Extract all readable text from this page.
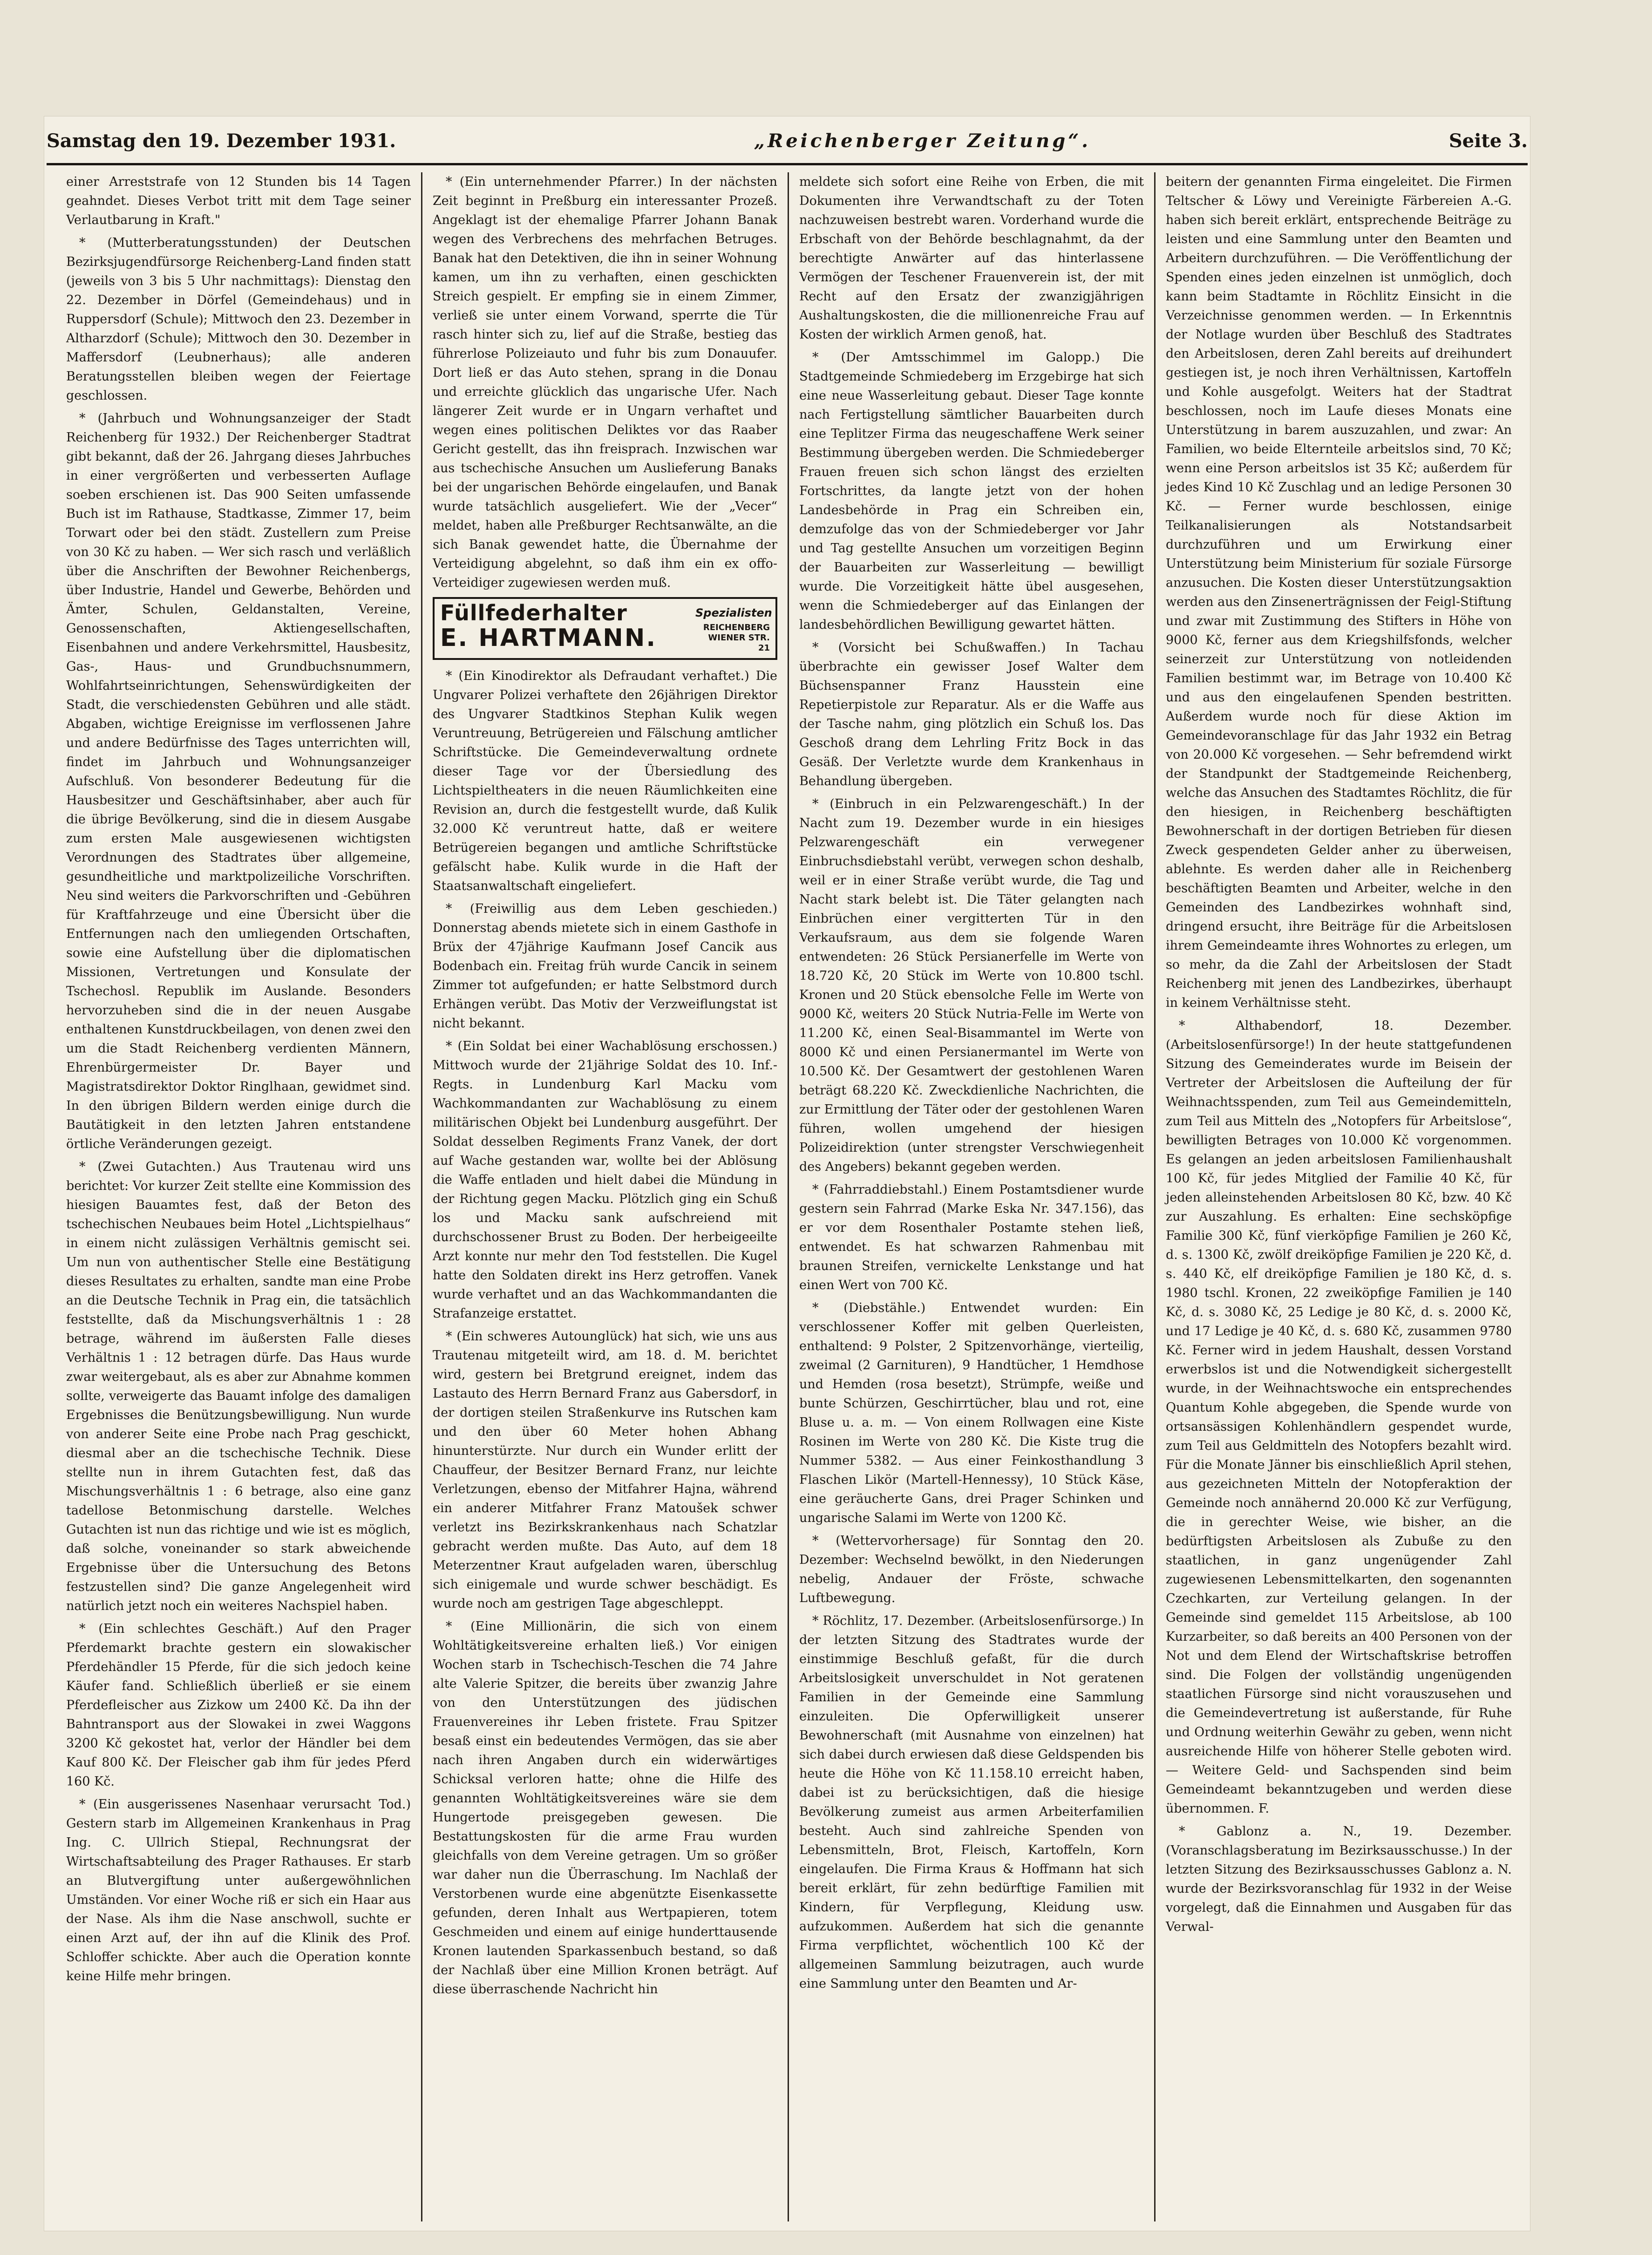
Samstag den 19. Dezember 1931.	„Reichenberger Zeitung“.	Seite 3.

einer Arreststrafe von 12 Stunden bis 14 Tagen geahndet. Dieses Verbot tritt mit dem Tage seiner Verlautbarung in Kraft."

* (Mutterberatungsstunden) der Deutschen Bezirksjugendfürsorge Reichenberg-Land finden statt (jeweils von 3 bis 5 Uhr nachmittags): Dienstag den 22. Dezember in Dörfel (Gemeindehaus) und in Ruppersdorf (Schule); Mittwoch den 23. Dezember in Altharzdorf (Schule); Mittwoch den 30. Dezember in Maffersdorf (Leubnerhaus); alle anderen Beratungsstellen bleiben wegen der Feiertage geschlossen.

* (Jahrbuch und Wohnungsanzeiger der Stadt Reichenberg für 1932.) Der Reichenberger Stadtrat gibt bekannt, daß der 26. Jahrgang dieses Jahrbuches in einer vergrößerten und verbesserten Auflage soeben erschienen ist. Das 900 Seiten umfassende Buch ist im Rathause, Stadtkasse, Zimmer 17, beim Torwart oder bei den städt. Zustellern zum Preise von 30 Kč zu haben. — Wer sich rasch und verläßlich über die Anschriften der Bewohner Reichenbergs, über Industrie, Handel und Gewerbe, Behörden und Ämter, Schulen, Geldanstalten, Vereine, Genossenschaften, Aktiengesellschaften, Eisenbahnen und andere Verkehrsmittel, Hausbesitz, Gas-, Haus- und Grundbuchsnummern, Wohlfahrtseinrichtungen, Sehenswürdigkeiten der Stadt, die verschiedensten Gebühren und alle städt. Abgaben, wichtige Ereignisse im verflossenen Jahre und andere Bedürfnisse des Tages unterrichten will, findet im Jahrbuch und Wohnungsanzeiger Aufschluß. Von besonderer Bedeutung für die Hausbesitzer und Geschäftsinhaber, aber auch für die übrige Bevölkerung, sind die in diesem Ausgabe zum ersten Male ausgewiesenen wichtigsten Verordnungen des Stadtrates über allgemeine, gesundheitliche und marktpolizeiliche Vorschriften. Neu sind weiters die Parkvorschriften und -Gebühren für Kraftfahrzeuge und eine Übersicht über die Entfernungen nach den umliegenden Ortschaften, sowie eine Aufstellung über die diplomatischen Missionen, Vertretungen und Konsulate der Tschechosl. Republik im Auslande. Besonders hervorzuheben sind die in der neuen Ausgabe enthaltenen Kunstdruckbeilagen, von denen zwei den um die Stadt Reichenberg verdienten Männern, Ehrenbürgermeister Dr. Bayer und Magistratsdirektor Doktor Ringlhaan, gewidmet sind. In den übrigen Bildern werden einige durch die Bautätigkeit in den letzten Jahren entstandene örtliche Veränderungen gezeigt.

* (Zwei Gutachten.) Aus Trautenau wird uns berichtet: Vor kurzer Zeit stellte eine Kommission des hiesigen Bauamtes fest, daß der Beton des tschechischen Neubaues beim Hotel „Lichtspielhaus“ in einem nicht zulässigen Verhältnis gemischt sei. Um nun von authentischer Stelle eine Bestätigung dieses Resultates zu erhalten, sandte man eine Probe an die Deutsche Technik in Prag ein, die tatsächlich feststellte, daß da Mischungsverhältnis 1 : 28 betrage, während im äußersten Falle dieses Verhältnis 1 : 12 betragen dürfe. Das Haus wurde zwar weitergebaut, als es aber zur Abnahme kommen sollte, verweigerte das Bauamt infolge des damaligen Ergebnisses die Benützungsbewilligung. Nun wurde von anderer Seite eine Probe nach Prag geschickt, diesmal aber an die tschechische Technik. Diese stellte nun in ihrem Gutachten fest, daß das Mischungsverhältnis 1 : 6 betrage, also eine ganz tadellose Betonmischung darstelle. Welches Gutachten ist nun das richtige und wie ist es möglich, daß solche, voneinander so stark abweichende Ergebnisse über die Untersuchung des Betons festzustellen sind? Die ganze Angelegenheit wird natürlich jetzt noch ein weiteres Nachspiel haben.

* (Ein schlechtes Geschäft.) Auf den Prager Pferdemarkt brachte gestern ein slowakischer Pferdehändler 15 Pferde, für die sich jedoch keine Käufer fand. Schließlich überließ er sie einem Pferdefleischer aus Zizkow um 2400 Kč. Da ihn der Bahntransport aus der Slowakei in zwei Waggons 3200 Kč gekostet hat, verlor der Händler bei dem Kauf 800 Kč. Der Fleischer gab ihm für jedes Pferd 160 Kč.

* (Ein ausgerissenes Nasenhaar verursacht Tod.) Gestern starb im Allgemeinen Krankenhaus in Prag Ing. C. Ullrich Stiepal, Rechnungsrat der Wirtschaftsabteilung des Prager Rathauses. Er starb an Blutvergiftung unter außergewöhnlichen Umständen. Vor einer Woche riß er sich ein Haar aus der Nase. Als ihm die Nase anschwoll, suchte er einen Arzt auf, der ihn auf die Klinik des Prof. Schloffer schickte. Aber auch die Operation konnte keine Hilfe mehr bringen.

* (Ein unternehmender Pfarrer.) In der nächsten Zeit beginnt in Preßburg ein interessanter Prozeß. Angeklagt ist der ehemalige Pfarrer Johann Banak wegen des Verbrechens des mehrfachen Betruges. Banak hat den Detektiven, die ihn in seiner Wohnung kamen, um ihn zu verhaften, einen geschickten Streich gespielt. Er empfing sie in einem Zimmer, verließ sie unter einem Vorwand, sperrte die Tür rasch hinter sich zu, lief auf die Straße, bestieg das führerlose Polizeiauto und fuhr bis zum Donauufer. Dort ließ er das Auto stehen, sprang in die Donau und erreichte glücklich das ungarische Ufer. Nach längerer Zeit wurde er in Ungarn verhaftet und wegen eines politischen Deliktes vor das Raaber Gericht gestellt, das ihn freisprach. Inzwischen war aus tschechische Ansuchen um Auslieferung Banaks bei der ungarischen Behörde eingelaufen, und Banak wurde tatsächlich ausgeliefert. Wie der „Vecer“ meldet, haben alle Preßburger Rechtsanwälte, an die sich Banak gewendet hatte, die Übernahme der Verteidigung abgelehnt, so daß ihm ein ex offo-Verteidiger zugewiesen werden muß.

Füllfederhalter	Spezialisten
E. HARTMANN.	REICHENBERG WIENER STR. 21

* (Ein Kinodirektor als Defraudant verhaftet.) Die Ungvarer Polizei verhaftete den 26jährigen Direktor des Ungvarer Stadtkinos Stephan Kulik wegen Veruntreuung, Betrügereien und Fälschung amtlicher Schriftstücke. Die Gemeindeverwaltung ordnete dieser Tage vor der Übersiedlung des Lichtspieltheaters in die neuen Räumlichkeiten eine Revision an, durch die festgestellt wurde, daß Kulik 32.000 Kč veruntreut hatte, daß er weitere Betrügereien begangen und amtliche Schriftstücke gefälscht habe. Kulik wurde in die Haft der Staatsanwaltschaft eingeliefert.

* (Freiwillig aus dem Leben geschieden.) Donnerstag abends mietete sich in einem Gasthofe in Brüx der 47jährige Kaufmann Josef Cancik aus Bodenbach ein. Freitag früh wurde Cancik in seinem Zimmer tot aufgefunden; er hatte Selbstmord durch Erhängen verübt. Das Motiv der Verzweiflungstat ist nicht bekannt.

* (Ein Soldat bei einer Wachablösung erschossen.) Mittwoch wurde der 21jährige Soldat des 10. Inf.-Regts. in Lundenburg Karl Macku vom Wachkommandanten zur Wachablösung zu einem militärischen Objekt bei Lundenburg ausgeführt. Der Soldat desselben Regiments Franz Vanek, der dort auf Wache gestanden war, wollte bei der Ablösung die Waffe entladen und hielt dabei die Mündung in der Richtung gegen Macku. Plötzlich ging ein Schuß los und Macku sank aufschreiend mit durchschossener Brust zu Boden. Der herbeigeeilte Arzt konnte nur mehr den Tod feststellen. Die Kugel hatte den Soldaten direkt ins Herz getroffen. Vanek wurde verhaftet und an das Wachkommandanten die Strafanzeige erstattet.

* (Ein schweres Autounglück) hat sich, wie uns aus Trautenau mitgeteilt wird, am 18. d. M. berichtet wird, gestern bei Bretgrund ereignet, indem das Lastauto des Herrn Bernard Franz aus Gabersdorf, in der dortigen steilen Straßenkurve ins Rutschen kam und den über 60 Meter hohen Abhang hinunterstürzte. Nur durch ein Wunder erlitt der Chauffeur, der Besitzer Bernard Franz, nur leichte Verletzungen, ebenso der Mitfahrer Hajna, während ein anderer Mitfahrer Franz Matoušek schwer verletzt ins Bezirkskrankenhaus nach Schatzlar gebracht werden mußte. Das Auto, auf dem 18 Meterzentner Kraut aufgeladen waren, überschlug sich einigemale und wurde schwer beschädigt. Es wurde noch am gestrigen Tage abgeschleppt.

* (Eine Millionärin, die sich von einem Wohltätigkeitsvereine erhalten ließ.) Vor einigen Wochen starb in Tschechisch-Teschen die 74 Jahre alte Valerie Spitzer, die bereits über zwanzig Jahre von den Unterstützungen des jüdischen Frauenvereines ihr Leben fristete. Frau Spitzer besaß einst ein bedeutendes Vermögen, das sie aber nach ihren Angaben durch ein widerwärtiges Schicksal verloren hatte; ohne die Hilfe des genannten Wohltätigkeitsvereines wäre sie dem Hungertode preisgegeben gewesen. Die Bestattungskosten für die arme Frau wurden gleichfalls von dem Vereine getragen. Um so größer war daher nun die Überraschung. Im Nachlaß der Verstorbenen wurde eine abgenützte Eisenkassette gefunden, deren Inhalt aus Wertpapieren, totem Geschmeiden und einem auf einige hunderttausende Kronen lautenden Sparkassenbuch bestand, so daß der Nachlaß über eine Million Kronen beträgt. Auf diese überraschende Nachricht hin

meldete sich sofort eine Reihe von Erben, die mit Dokumenten ihre Verwandtschaft zu der Toten nachzuweisen bestrebt waren. Vorderhand wurde die Erbschaft von der Behörde beschlagnahmt, da der berechtigte Anwärter auf das hinterlassene Vermögen der Teschener Frauenverein ist, der mit Recht auf den Ersatz der zwanzigjährigen Aushaltungskosten, die die millionenreiche Frau auf Kosten der wirklich Armen genoß, hat.

* (Der Amtsschimmel im Galopp.) Die Stadtgemeinde Schmiedeberg im Erzgebirge hat sich eine neue Wasserleitung gebaut. Dieser Tage konnte nach Fertigstellung sämtlicher Bauarbeiten durch eine Teplitzer Firma das neugeschaffene Werk seiner Bestimmung übergeben werden. Die Schmiedeberger Frauen freuen sich schon längst des erzielten Fortschrittes, da langte jetzt von der hohen Landesbehörde in Prag ein Schreiben ein, demzufolge das von der Schmiedeberger vor Jahr und Tag gestellte Ansuchen um vorzeitigen Beginn der Bauarbeiten zur Wasserleitung — bewilligt wurde. Die Vorzeitigkeit hätte übel ausgesehen, wenn die Schmiedeberger auf das Einlangen der landesbehördlichen Bewilligung gewartet hätten.

* (Vorsicht bei Schußwaffen.) In Tachau überbrachte ein gewisser Josef Walter dem Büchsenspanner Franz Hausstein eine Repetierpistole zur Reparatur. Als er die Waffe aus der Tasche nahm, ging plötzlich ein Schuß los. Das Geschoß drang dem Lehrling Fritz Bock in das Gesäß. Der Verletzte wurde dem Krankenhaus in Behandlung übergeben.

* (Einbruch in ein Pelzwarengeschäft.) In der Nacht zum 19. Dezember wurde in ein hiesiges Pelzwarengeschäft ein verwegener Einbruchsdiebstahl verübt, verwegen schon deshalb, weil er in einer Straße verübt wurde, die Tag und Nacht stark belebt ist. Die Täter gelangten nach Einbrüchen einer vergitterten Tür in den Verkaufsraum, aus dem sie folgende Waren entwendeten: 26 Stück Persianerfelle im Werte von 18.720 Kč, 20 Stück im Werte von 10.800 tschl. Kronen und 20 Stück ebensolche Felle im Werte von 9000 Kč, weiters 20 Stück Nutria-Felle im Werte von 11.200 Kč, einen Seal-Bisammantel im Werte von 8000 Kč und einen Persianermantel im Werte von 10.500 Kč. Der Gesamtwert der gestohlenen Waren beträgt 68.220 Kč. Zweckdienliche Nachrichten, die zur Ermittlung der Täter oder der gestohlenen Waren führen, wollen umgehend der hiesigen Polizeidirektion (unter strengster Verschwiegenheit des Angebers) bekannt gegeben werden.

* (Fahrraddiebstahl.) Einem Postamtsdiener wurde gestern sein Fahrrad (Marke Eska Nr. 347.156), das er vor dem Rosenthaler Postamte stehen ließ, entwendet. Es hat schwarzen Rahmenbau mit braunen Streifen, vernickelte Lenkstange und hat einen Wert von 700 Kč.

* (Diebstähle.) Entwendet wurden: Ein verschlossener Koffer mit gelben Querleisten, enthaltend: 9 Polster, 2 Spitzenvorhänge, vierteilig, zweimal (2 Garnituren), 9 Handtücher, 1 Hemdhose und Hemden (rosa besetzt), Strümpfe, weiße und bunte Schürzen, Geschirrtücher, blau und rot, eine Bluse u. a. m. — Von einem Rollwagen eine Kiste Rosinen im Werte von 280 Kč. Die Kiste trug die Nummer 5382. — Aus einer Feinkosthandlung 3 Flaschen Likör (Martell-Hennessy), 10 Stück Käse, eine geräucherte Gans, drei Prager Schinken und ungarische Salami im Werte von 1200 Kč.

* (Wettervorhersage) für Sonntag den 20. Dezember: Wechselnd bewölkt, in den Niederungen nebelig, Andauer der Fröste, schwache Luftbewegung.

* Röchlitz, 17. Dezember. (Arbeitslosenfürsorge.) In der letzten Sitzung des Stadtrates wurde der einstimmige Beschluß gefaßt, für die durch Arbeitslosigkeit unverschuldet in Not geratenen Familien in der Gemeinde eine Sammlung einzuleiten. Die Opferwilligkeit unserer Bewohnerschaft (mit Ausnahme von einzelnen) hat sich dabei durch erwiesen daß diese Geldspenden bis heute die Höhe von Kč 11.158.10 erreicht haben, dabei ist zu berücksichtigen, daß die hiesige Bevölkerung zumeist aus armen Arbeiterfamilien besteht. Auch sind zahlreiche Spenden von Lebensmitteln, Brot, Fleisch, Kartoffeln, Korn eingelaufen. Die Firma Kraus & Hoffmann hat sich bereit erklärt, für zehn bedürftige Familien mit Kindern, für Verpflegung, Kleidung usw. aufzukommen. Außerdem hat sich die genannte Firma verpflichtet, wöchentlich 100 Kč der allgemeinen Sammlung beizutragen, auch wurde eine Sammlung unter den Beamten und Ar-

beitern der genannten Firma eingeleitet. Die Firmen Teltscher & Löwy und Vereinigte Färbereien A.-G. haben sich bereit erklärt, entsprechende Beiträge zu leisten und eine Sammlung unter den Beamten und Arbeitern durchzuführen. — Die Veröffentlichung der Spenden eines jeden einzelnen ist unmöglich, doch kann beim Stadtamte in Röchlitz Einsicht in die Verzeichnisse genommen werden. — In Erkenntnis der Notlage wurden über Beschluß des Stadtrates den Arbeitslosen, deren Zahl bereits auf dreihundert gestiegen ist, je noch ihren Verhältnissen, Kartoffeln und Kohle ausgefolgt. Weiters hat der Stadtrat beschlossen, noch im Laufe dieses Monats eine Unterstützung in barem auszuzahlen, und zwar: An Familien, wo beide Elternteile arbeitslos sind, 70 Kč; wenn eine Person arbeitslos ist 35 Kč; außerdem für jedes Kind 10 Kč Zuschlag und an ledige Personen 30 Kč. — Ferner wurde beschlossen, einige Teilkanalisierungen als Notstandsarbeit durchzuführen und um Erwirkung einer Unterstützung beim Ministerium für soziale Fürsorge anzusuchen. Die Kosten dieser Unterstützungsaktion werden aus den Zinsenerträgnissen der Feigl-Stiftung und zwar mit Zustimmung des Stifters in Höhe von 9000 Kč, ferner aus dem Kriegshilfsfonds, welcher seinerzeit zur Unterstützung von notleidenden Familien bestimmt war, im Betrage von 10.400 Kč und aus den eingelaufenen Spenden bestritten. Außerdem wurde noch für diese Aktion im Gemeindevoranschlage für das Jahr 1932 ein Betrag von 20.000 Kč vorgesehen. — Sehr befremdend wirkt der Standpunkt der Stadtgemeinde Reichenberg, welche das Ansuchen des Stadtamtes Röchlitz, die für den hiesigen, in Reichenberg beschäftigten Bewohnerschaft in der dortigen Betrieben für diesen Zweck gespendeten Gelder anher zu überweisen, ablehnte. Es werden daher alle in Reichenberg beschäftigten Beamten und Arbeiter, welche in den Gemeinden des Landbezirkes wohnhaft sind, dringend ersucht, ihre Beiträge für die Arbeitslosen ihrem Gemeindeamte ihres Wohnortes zu erlegen, um so mehr, da die Zahl der Arbeitslosen der Stadt Reichenberg mit jenen des Landbezirkes, überhaupt in keinem Verhältnisse steht.

* Althabendorf, 18. Dezember. (Arbeitslosenfürsorge!) In der heute stattgefundenen Sitzung des Gemeinderates wurde im Beisein der Vertreter der Arbeitslosen die Aufteilung der für Weihnachtsspenden, zum Teil aus Gemeindemitteln, zum Teil aus Mitteln des „Notopfers für Arbeitslose“, bewilligten Betrages von 10.000 Kč vorgenommen. Es gelangen an jeden arbeitslosen Familienhaushalt 100 Kč, für jedes Mitglied der Familie 40 Kč, für jeden alleinstehenden Arbeitslosen 80 Kč, bzw. 40 Kč zur Auszahlung. Es erhalten: Eine sechsköpfige Familie 300 Kč, fünf vierköpfige Familien je 260 Kč, d. s. 1300 Kč, zwölf dreiköpfige Familien je 220 Kč, d. s. 440 Kč, elf dreiköpfige Familien je 180 Kč, d. s. 1980 tschl. Kronen, 22 zweiköpfige Familien je 140 Kč, d. s. 3080 Kč, 25 Ledige je 80 Kč, d. s. 2000 Kč, und 17 Ledige je 40 Kč, d. s. 680 Kč, zusammen 9780 Kč. Ferner wird in jedem Haushalt, dessen Vorstand erwerbslos ist und die Notwendigkeit sichergestellt wurde, in der Weihnachtswoche ein entsprechendes Quantum Kohle abgegeben, die Spende wurde von ortsansässigen Kohlenhändlern gespendet wurde, zum Teil aus Geldmitteln des Notopfers bezahlt wird. Für die Monate Jänner bis einschließlich April stehen, aus gezeichneten Mitteln der Notopferaktion der Gemeinde noch annähernd 20.000 Kč zur Verfügung, die in gerechter Weise, wie bisher, an die bedürftigsten Arbeitslosen als Zubuße zu den staatlichen, in ganz ungenügender Zahl zugewiesenen Lebensmittelkarten, den sogenannten Czechkarten, zur Verteilung gelangen. In der Gemeinde sind gemeldet 115 Arbeitslose, ab 100 Kurzarbeiter, so daß bereits an 400 Personen von der Not und dem Elend der Wirtschaftskrise betroffen sind. Die Folgen der vollständig ungenügenden staatlichen Fürsorge sind nicht vorauszusehen und die Gemeindevertretung ist außerstande, für Ruhe und Ordnung weiterhin Gewähr zu geben, wenn nicht ausreichende Hilfe von höherer Stelle geboten wird. — Weitere Geld- und Sachspenden sind beim Gemeindeamt bekanntzugeben und werden diese übernommen. F.

* Gablonz a. N., 19. Dezember. (Voranschlagsberatung im Bezirksausschusse.) In der letzten Sitzung des Bezirksausschusses Gablonz a. N. wurde der Bezirksvoranschlag für 1932 in der Weise vorgelegt, daß die Einnahmen und Ausgaben für das Verwal-
